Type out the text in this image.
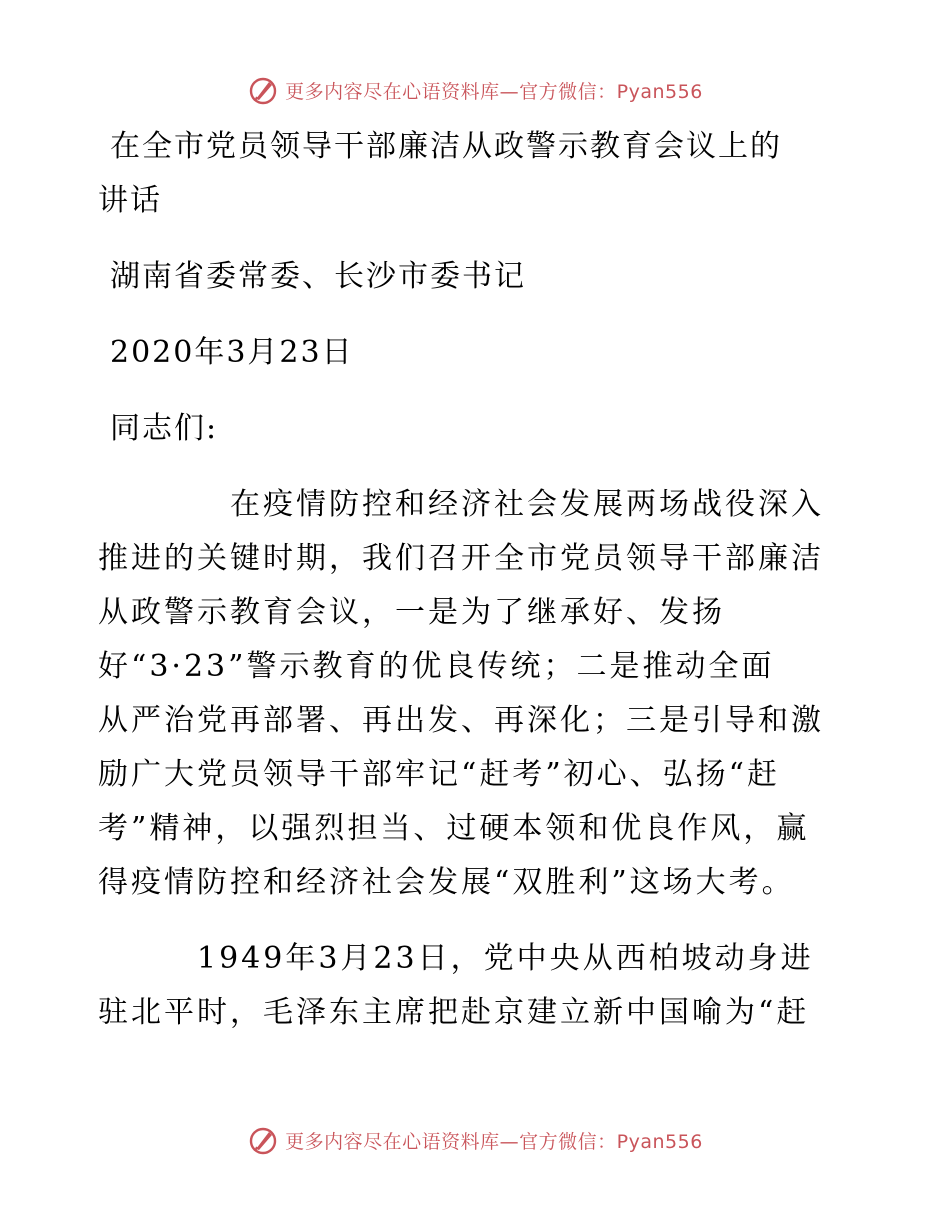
更多内容尽在心语资料库—官方微信：Pyan556
在全市党员领导干部廉洁从政警示教育会议上的
讲话
湖南省委常委、长沙市委书记
2020年3月23日
同志们:
　　　　在疫情防控和经济社会发展两场战役深入
推进的关键时期，我们召开全市党员领导干部廉洁
从政警示教育会议，一是为了继承好、发扬
好“3·23”警示教育的优良传统；二是推动全面
从严治党再部署、再出发、再深化；三是引导和激
励广大党员领导干部牢记“赶考”初心、弘扬“赶
考”精神，以强烈担当、过硬本领和优良作风，赢
得疫情防控和经济社会发展“双胜利”这场大考。
　　　1949年3月23日，党中央从西柏坡动身进
驻北平时，毛泽东主席把赴京建立新中国喻为“赶
更多内容尽在心语资料库—官方微信：Pyan556
